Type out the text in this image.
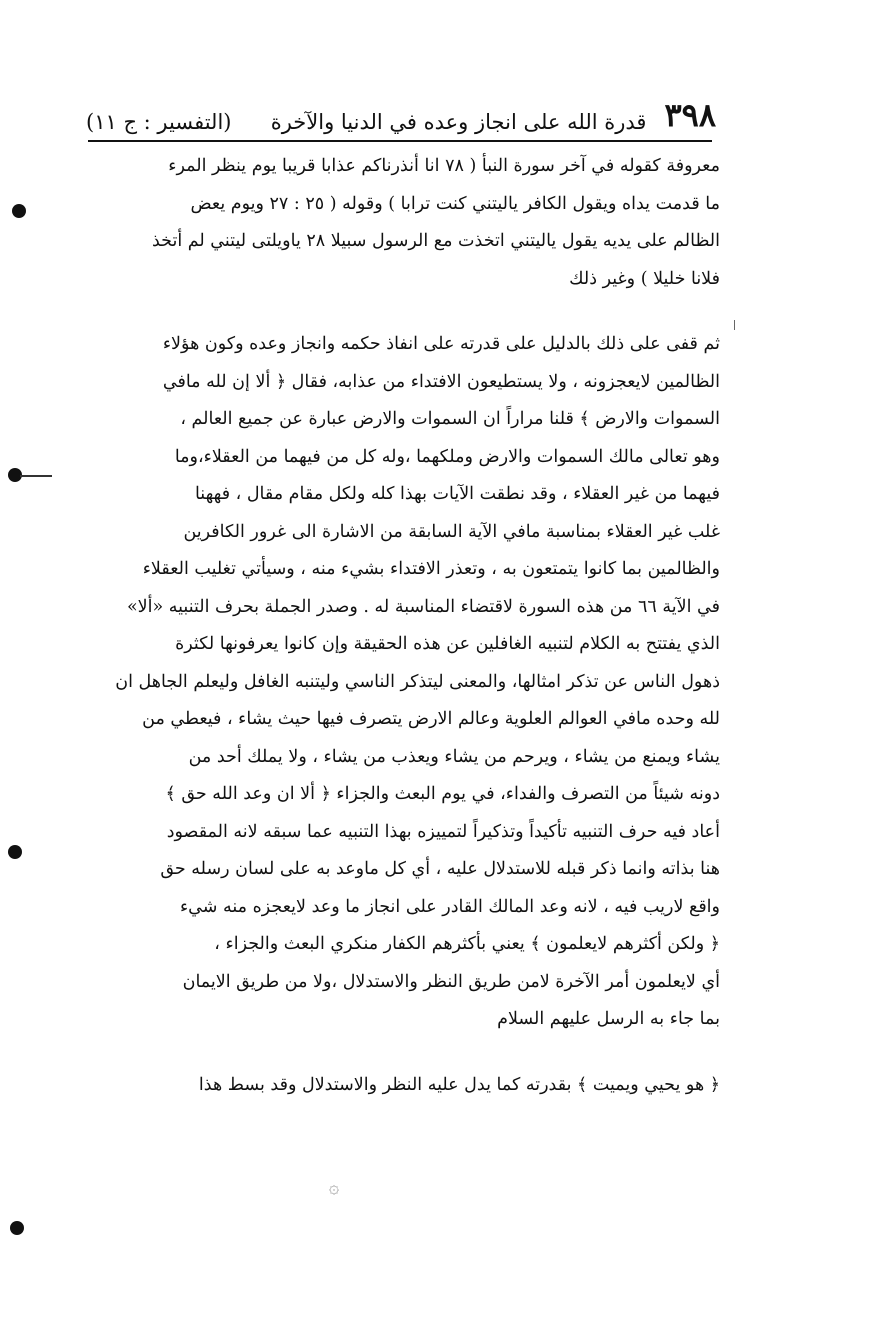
٣٩٨
قدرة الله على انجاز وعده في الدنيا والآخرة
(التفسير : ج ١١)
معروفة كقوله في آخر سورة النبأ ( ٧٨ انا أنذرناكم عذابا قريبا يوم ينظر المرء
ما قدمت يداه ويقول الكافر ياليتني كنت ترابا ) وقوله ( ٢٥ : ٢٧ ويوم يعض
الظالم على يديه يقول ياليتني اتخذت مع الرسول سبيلا ٢٨ ياويلتى ليتني لم أتخذ
فلانا خليلا ) وغير ذلك
ثم قفى على ذلك بالدليل على قدرته على انفاذ حكمه وانجاز وعده وكون هؤلاء
الظالمين لايعجزونه ، ولا يستطيعون الافتداء من عذابه، فقال ﴿ ألا إن لله مافي
السموات والارض ﴾ قلنا مراراً ان السموات والارض عبارة عن جميع العالم ،
وهو تعالى مالك السموات والارض وملكهما ،وله كل من فيهما من العقلاء،وما
فيهما من غير العقلاء ، وقد نطقت الآيات بهذا كله ولكل مقام مقال ، فههنا
غلب غير العقلاء بمناسبة مافي الآية السابقة من الاشارة الى غرور الكافرين
والظالمين بما كانوا يتمتعون به ، وتعذر الافتداء بشيء منه ، وسيأتي تغليب العقلاء
في الآية ٦٦ من هذه السورة لاقتضاء المناسبة له . وصدر الجملة بحرف التنبيه «ألا»
الذي يفتتح به الكلام لتنبيه الغافلين عن هذه الحقيقة وإن كانوا يعرفونها لكثرة
ذهول الناس عن تذكر امثالها، والمعنى ليتذكر الناسي وليتنبه الغافل وليعلم الجاهل ان
لله وحده مافي العوالم العلوية وعالم الارض يتصرف فيها حيث يشاء ، فيعطي من
يشاء ويمنع من يشاء ، ويرحم من يشاء ويعذب من يشاء ، ولا يملك أحد من
دونه شيئاً من التصرف والفداء، في يوم البعث والجزاء ﴿ ألا ان وعد الله حق ﴾
أعاد فيه حرف التنبيه تأكيداً وتذكيراً لتمييزه بهذا التنبيه عما سبقه لانه المقصود
هنا بذاته وانما ذكر قبله للاستدلال عليه ، أي كل ماوعد به على لسان رسله حق
واقع لاريب فيه ، لانه وعد المالك القادر على انجاز ما وعد لايعجزه منه شيء
﴿ ولكن أكثرهم لايعلمون ﴾ يعني بأكثرهم الكفار منكري البعث والجزاء ،
أي لايعلمون أمر الآخرة لامن طريق النظر والاستدلال ،ولا من طريق الايمان
بما جاء به الرسل عليهم السلام
﴿ هو يحيي ويميت ﴾ بقدرته كما يدل عليه النظر والاستدلال وقد بسط هذا
۞
